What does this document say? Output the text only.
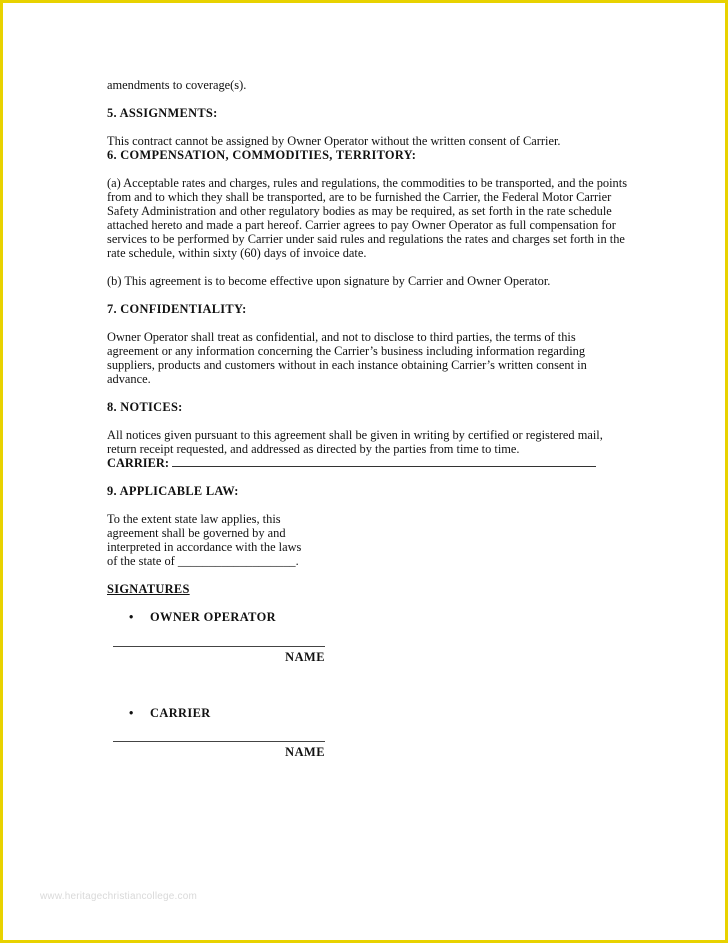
amendments to coverage(s).

5. ASSIGNMENTS:

This contract cannot be assigned by Owner Operator without the written consent of Carrier.

6. COMPENSATION, COMMODITIES, TERRITORY:

(a) Acceptable rates and charges, rules and regulations, the commodities to be transported, and the points from and to which they shall be transported, are to be furnished the Carrier, the Federal Motor Carrier Safety Administration and other regulatory bodies as may be required, as set forth in the rate schedule attached hereto and made a part hereof. Carrier agrees to pay Owner Operator as full compensation for services to be performed by Carrier under said rules and regulations the rates and charges set forth in the rate schedule, within sixty (60) days of invoice date.

(b) This agreement is to become effective upon signature by Carrier and Owner Operator.

7. CONFIDENTIALITY:

Owner Operator shall treat as confidential, and not to disclose to third parties, the terms of this agreement or any information concerning the Carrier’s business including information regarding suppliers, products and customers without in each instance obtaining Carrier’s written consent in advance.

8. NOTICES:

All notices given pursuant to this agreement shall be given in writing by certified or registered mail, return receipt requested, and addressed as directed by the parties from time to time.

CARRIER:

9. APPLICABLE LAW:

To the extent state law applies, this

agreement shall be governed by and

interpreted in accordance with the laws

of the state of ___________________.

SIGNATURES

• OWNER OPERATOR
NAME
• CARRIER
NAME
www.heritagechristiancollege.com
